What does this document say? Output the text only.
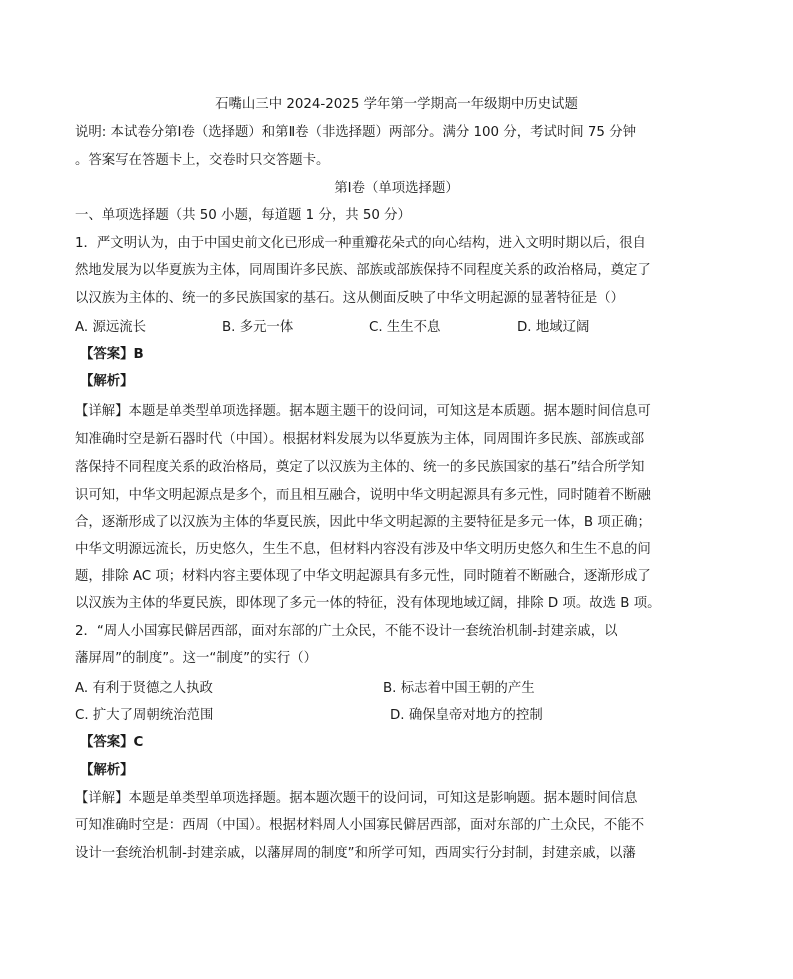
石嘴山三中 2024-2025 学年第一学期高一年级期中历史试题
说明: 本试卷分第Ⅰ卷（选择题）和第Ⅱ卷（非选择题）两部分。满分 100 分，考试时间 75 分钟
。答案写在答题卡上，交卷时只交答题卡。
第Ⅰ卷（单项选择题）
一、单项选择题（共 50 小题，每道题 1 分，共 50 分）
1．严文明认为，由于中国史前文化已形成一种重瓣花朵式的向心结构，进入文明时期以后，很自
然地发展为以华夏族为主体，同周围许多民族、部族或部族保持不同程度关系的政治格局，奠定了
以汉族为主体的、统一的多民族国家的基石。这从侧面反映了中华文明起源的显著特征是（）
A. 源远流长	B. 多元一体	C. 生生不息	D. 地域辽阔
【答案】B
【解析】
【详解】本题是单类型单项选择题。据本题主题干的设问词，可知这是本质题。据本题时间信息可
知准确时空是新石器时代（中国）。根据材料发展为以华夏族为主体，同周围许多民族、部族或部
落保持不同程度关系的政治格局，奠定了以汉族为主体的、统一的多民族国家的基石”结合所学知
识可知，中华文明起源点是多个，而且相互融合，说明中华文明起源具有多元性，同时随着不断融
合，逐渐形成了以汉族为主体的华夏民族，因此中华文明起源的主要特征是多元一体，B 项正确；
中华文明源远流长，历史悠久，生生不息，但材料内容没有涉及中华文明历史悠久和生生不息的问
题，排除 AC 项；材料内容主要体现了中华文明起源具有多元性，同时随着不断融合，逐渐形成了
以汉族为主体的华夏民族，即体现了多元一体的特征，没有体现地域辽阔，排除 D 项。故选 B 项。
2．“周人小国寡民僻居西部，面对东部的广土众民，不能不设计一套统治机制-封建亲戚，以
藩屏周”的制度”。这一“制度”的实行（）
A. 有利于贤德之人执政	B. 标志着中国王朝的产生
C. 扩大了周朝统治范围	D. 确保皇帝对地方的控制
【答案】C
【解析】
【详解】本题是单类型单项选择题。据本题次题干的设问词，可知这是影响题。据本题时间信息
可知准确时空是：西周（中国）。根据材料周人小国寡民僻居西部，面对东部的广土众民，不能不
设计一套统治机制-封建亲戚，以藩屏周的制度”和所学可知，西周实行分封制，封建亲戚，以藩
